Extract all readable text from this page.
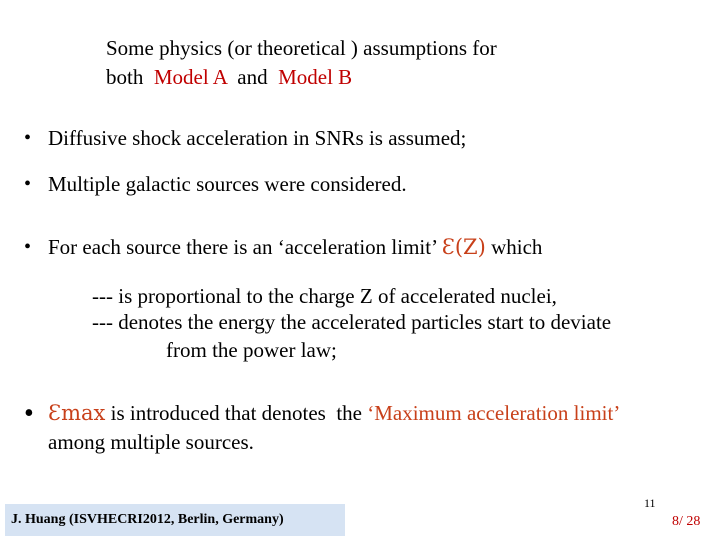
Some physics (or theoretical ) assumptions for
both  Model A  and  Model B
• Diffusive shock acceleration in SNRs is assumed;
• Multiple galactic sources were considered.
• For each source there is an ‘acceleration limit’ Ɛ(Z) which
--- is proportional to the charge Z of accelerated nuclei,
--- denotes the energy the accelerated particles start to deviate
from the power law;
• Ɛmax is introduced that denotes  the ‘Maximum acceleration limit’
among multiple sources.
J. Huang (ISVHECRI2012, Berlin, Germany)
11
8/ 28
